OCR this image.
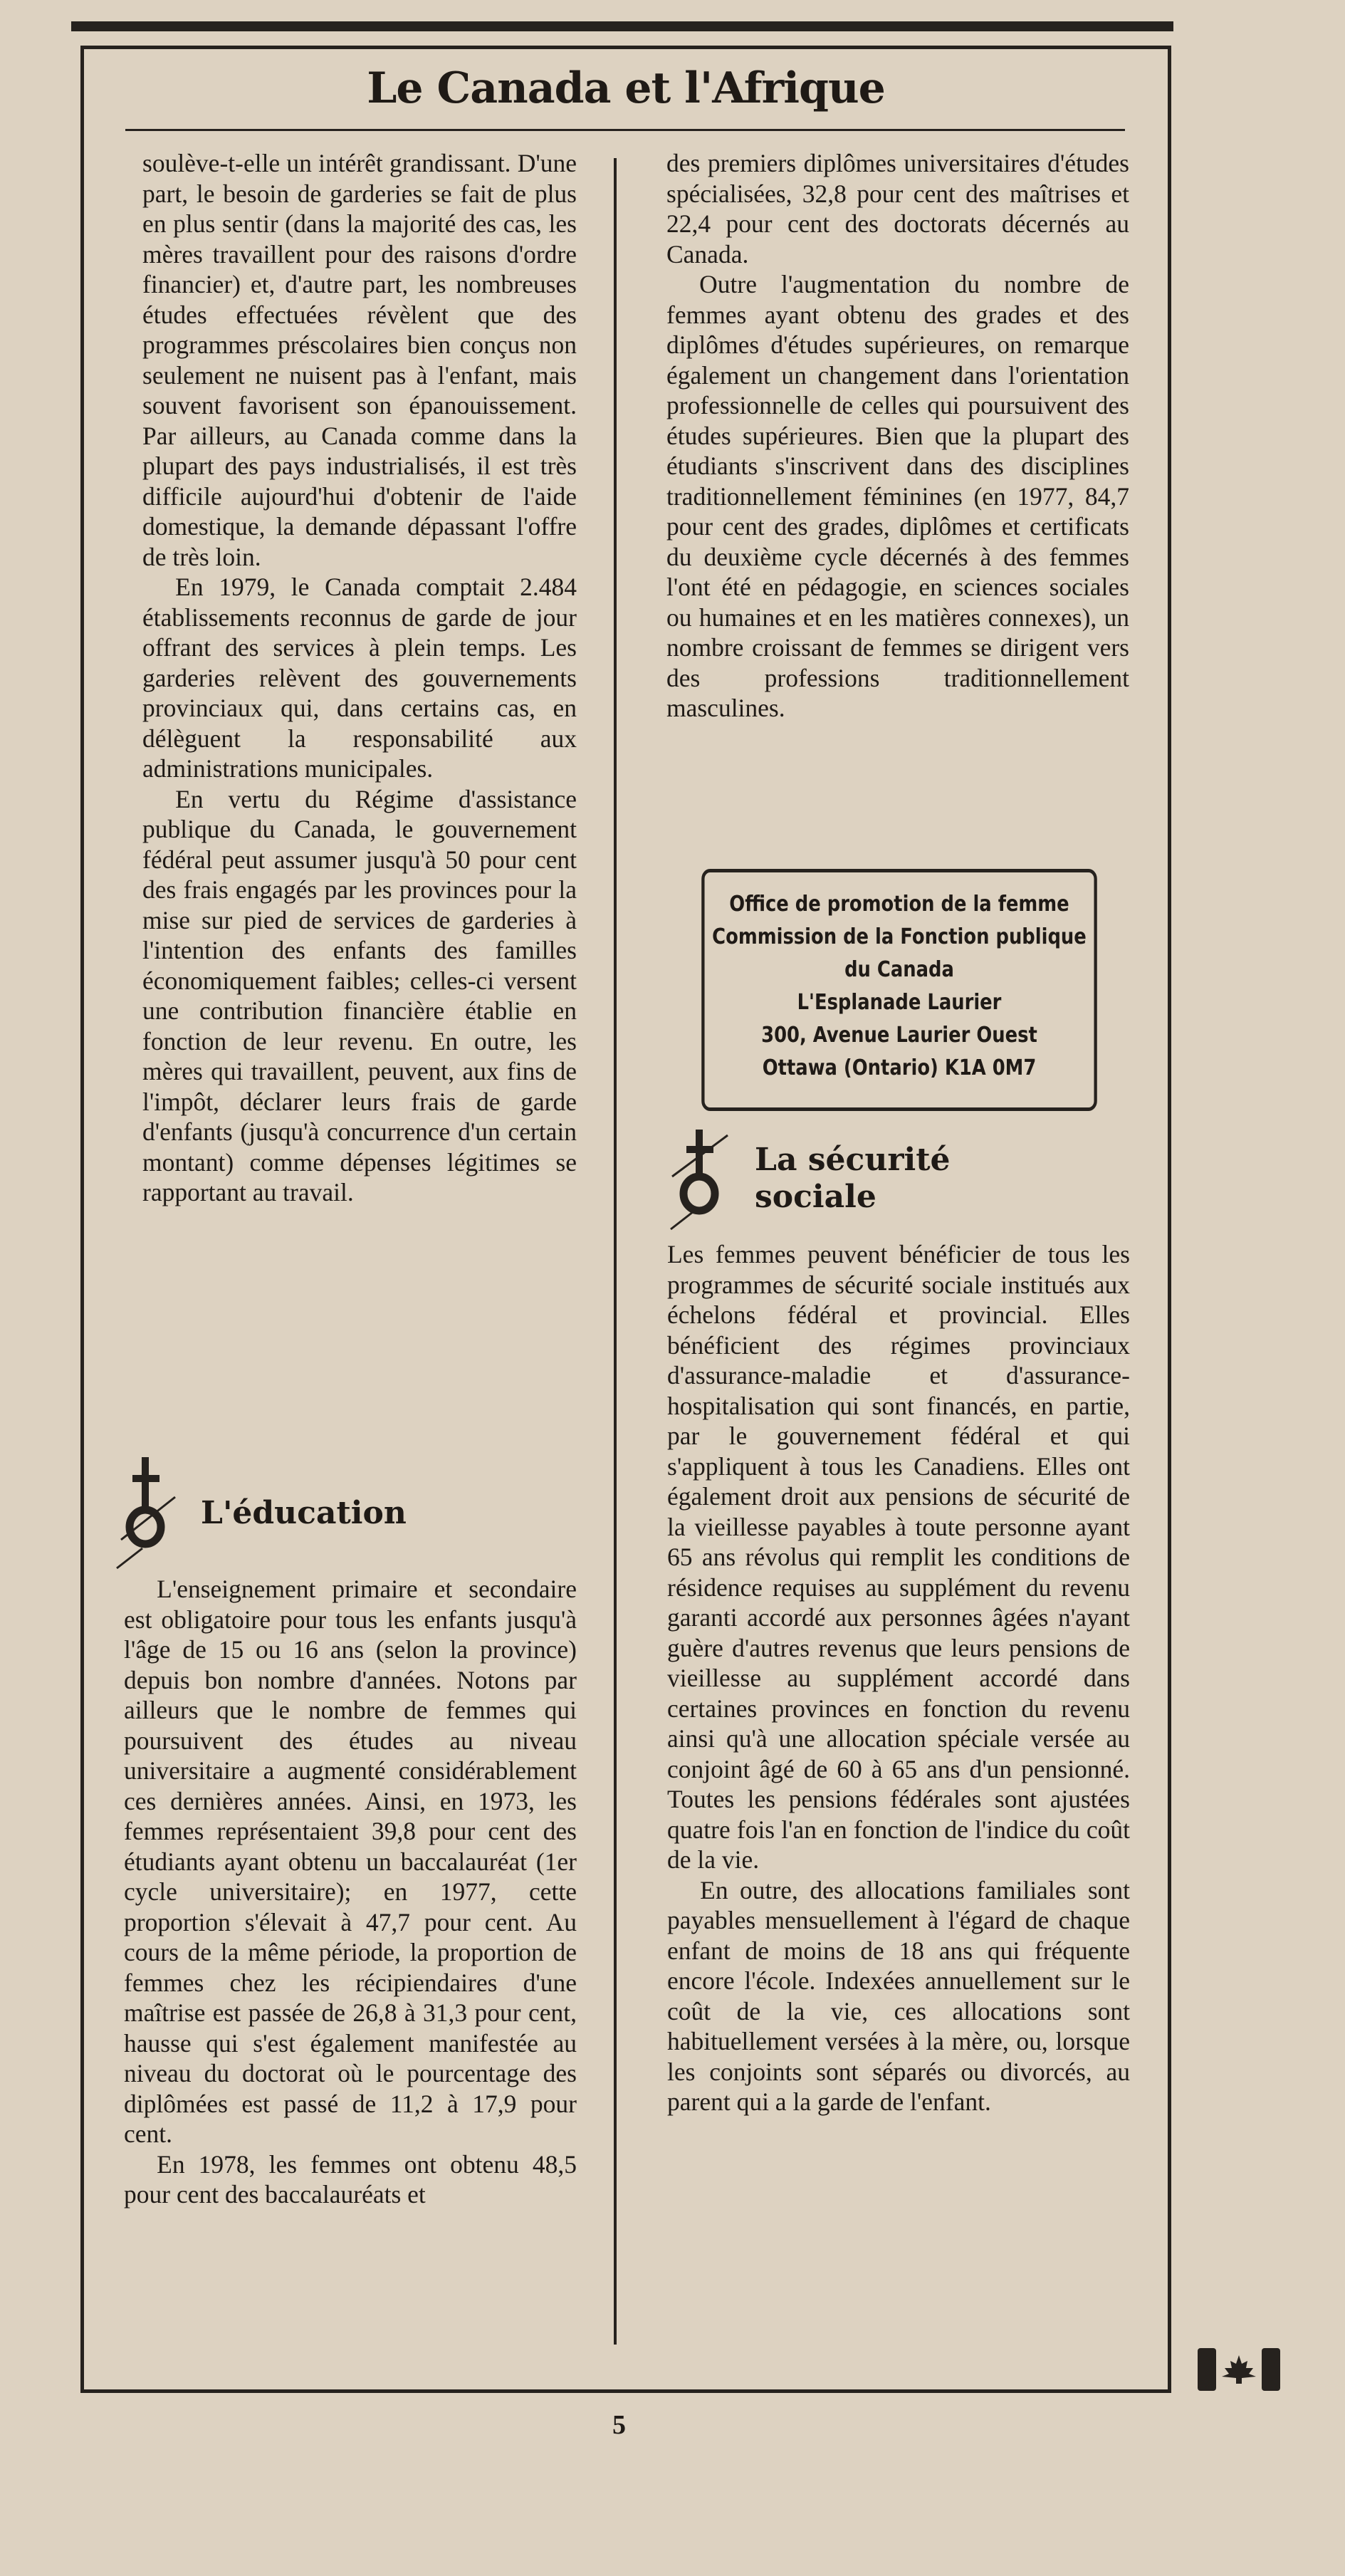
Le Canada et l'Afrique

soulève-t-elle un intérêt grandissant. D'une part, le besoin de garderies se fait de plus en plus sentir (dans la majorité des cas, les mères travaillent pour des raisons d'ordre financier) et, d'autre part, les nombreuses études effectuées révèlent que des programmes préscolaires bien conçus non seulement ne nuisent pas à l'enfant, mais souvent favorisent son épanouissement. Par ailleurs, au Canada comme dans la plupart des pays industrialisés, il est très difficile aujourd'hui d'obtenir de l'aide domestique, la demande dépassant l'offre de très loin.

En 1979, le Canada comptait 2.484 établissements reconnus de garde de jour offrant des services à plein temps. Les garderies relèvent des gouvernements provinciaux qui, dans certains cas, en délèguent la responsabilité aux administrations municipales.

En vertu du Régime d'assistance publique du Canada, le gouvernement fédéral peut assumer jusqu'à 50 pour cent des frais engagés par les provinces pour la mise sur pied de services de garderies à l'intention des enfants des familles économiquement faibles; celles-ci versent une contribution financière établie en fonction de leur revenu. En outre, les mères qui travaillent, peuvent, aux fins de l'impôt, déclarer leurs frais de garde d'enfants (jusqu'à concurrence d'un certain montant) comme dépenses légitimes se rapportant au travail.

L'éducation

L'enseignement primaire et secondaire est obligatoire pour tous les enfants jusqu'à l'âge de 15 ou 16 ans (selon la province) depuis bon nombre d'années. Notons par ailleurs que le nombre de femmes qui poursuivent des études au niveau universitaire a augmenté considérablement ces dernières années. Ainsi, en 1973, les femmes représentaient 39,8 pour cent des étudiants ayant obtenu un baccalauréat (1er cycle universitaire); en 1977, cette proportion s'élevait à 47,7 pour cent. Au cours de la même période, la proportion de femmes chez les récipiendaires d'une maîtrise est passée de 26,8 à 31,3 pour cent, hausse qui s'est également manifestée au niveau du doctorat où le pourcentage des diplômées est passé de 11,2 à 17,9 pour cent.

En 1978, les femmes ont obtenu 48,5 pour cent des baccalauréats et

des premiers diplômes universitaires d'études spécialisées, 32,8 pour cent des maîtrises et 22,4 pour cent des doctorats décernés au Canada.

Outre l'augmentation du nombre de femmes ayant obtenu des grades et des diplômes d'études supérieures, on remarque également un changement dans l'orientation professionnelle de celles qui poursuivent des études supérieures. Bien que la plupart des étudiants s'inscrivent dans des disciplines traditionnellement féminines (en 1977, 84,7 pour cent des grades, diplômes et certificats du deuxième cycle décernés à des femmes l'ont été en pédagogie, en sciences sociales ou humaines et en les matières connexes), un nombre croissant de femmes se dirigent vers des professions traditionnellement masculines.

Office de promotion de la femme
Commission de la Fonction publique
du Canada
L'Esplanade Laurier
300, Avenue Laurier Ouest
Ottawa (Ontario) K1A 0M7
La sécurité
sociale

Les femmes peuvent bénéficier de tous les programmes de sécurité sociale institués aux échelons fédéral et provincial. Elles bénéficient des régimes provinciaux d'assurance-maladie et d'assurance-hospitalisation qui sont financés, en partie, par le gouvernement fédéral et qui s'appliquent à tous les Canadiens. Elles ont également droit aux pensions de sécurité de la vieillesse payables à toute personne ayant 65 ans révolus qui remplit les conditions de résidence requises au supplément du revenu garanti accordé aux personnes âgées n'ayant guère d'autres revenus que leurs pensions de vieillesse au supplément accordé dans certaines provinces en fonction du revenu ainsi qu'à une allocation spéciale versée au conjoint âgé de 60 à 65 ans d'un pensionné. Toutes les pensions fédérales sont ajustées quatre fois l'an en fonction de l'indice du coût de la vie.

En outre, des allocations familiales sont payables mensuellement à l'égard de chaque enfant de moins de 18 ans qui fréquente encore l'école. Indexées annuellement sur le coût de la vie, ces allocations sont habituellement versées à la mère, ou, lorsque les conjoints sont séparés ou divorcés, au parent qui a la garde de l'enfant.

5
